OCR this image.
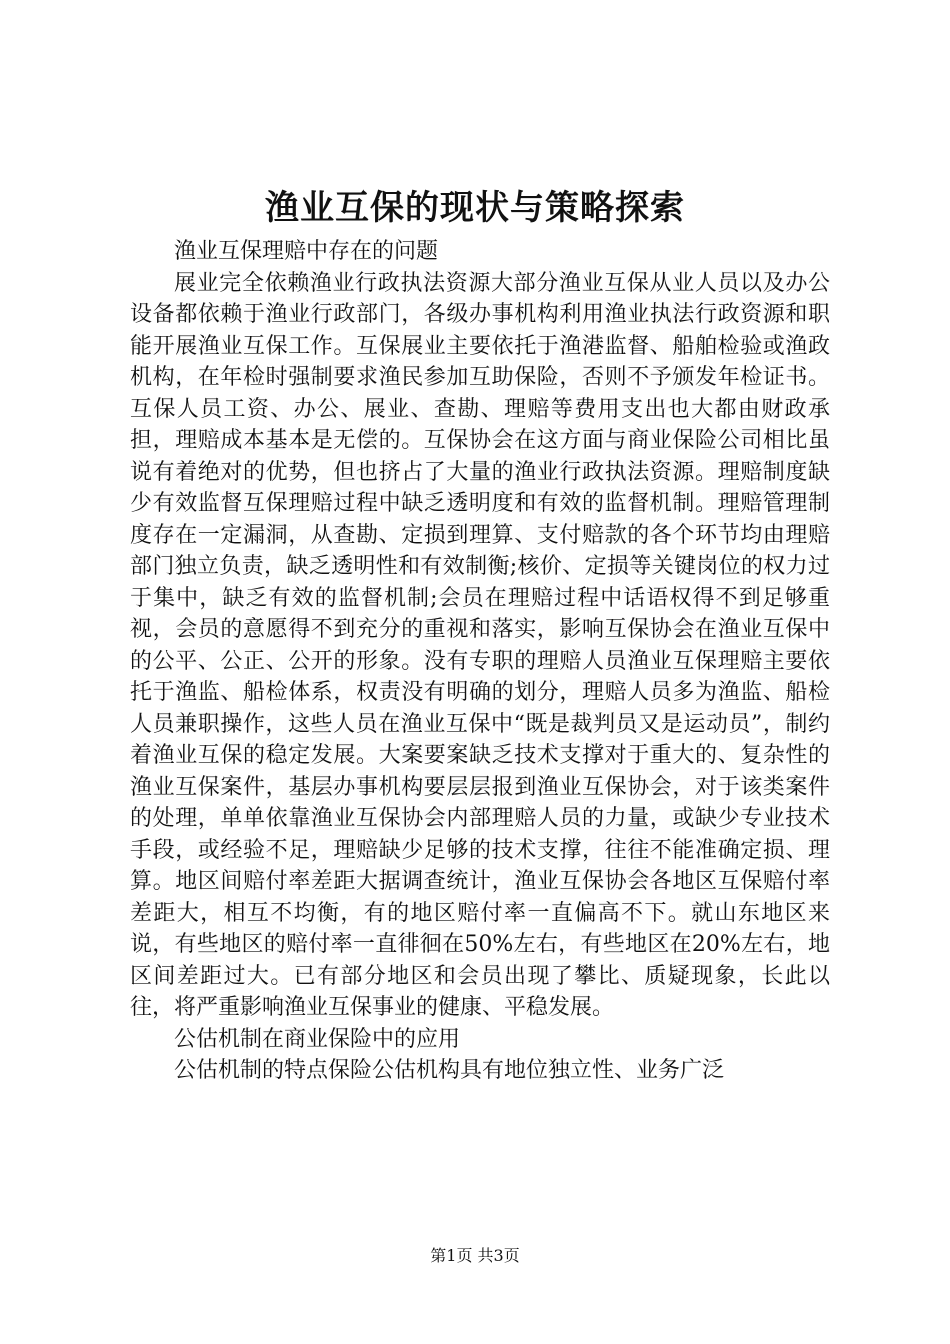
渔业互保的现状与策略探索

渔业互保理赔中存在的问题

展业完全依赖渔业行政执法资源大部分渔业互保从业人员以及办公设备都依赖于渔业行政部门，各级办事机构利用渔业执法行政资源和职能开展渔业互保工作。互保展业主要依托于渔港监督、船舶检验或渔政机构，在年检时强制要求渔民参加互助保险，否则不予颁发年检证书。互保人员工资、办公、展业、查勘、理赔等费用支出也大都由财政承担，理赔成本基本是无偿的。互保协会在这方面与商业保险公司相比虽说有着绝对的优势，但也挤占了大量的渔业行政执法资源。理赔制度缺少有效监督互保理赔过程中缺乏透明度和有效的监督机制。理赔管理制度存在一定漏洞，从查勘、定损到理算、支付赔款的各个环节均由理赔部门独立负责，缺乏透明性和有效制衡;核价、定损等关键岗位的权力过于集中，缺乏有效的监督机制;会员在理赔过程中话语权得不到足够重视，会员的意愿得不到充分的重视和落实，影响互保协会在渔业互保中的公平、公正、公开的形象。没有专职的理赔人员渔业互保理赔主要依托于渔监、船检体系，权责没有明确的划分，理赔人员多为渔监、船检人员兼职操作，这些人员在渔业互保中“既是裁判员又是运动员”，制约着渔业互保的稳定发展。大案要案缺乏技术支撑对于重大的、复杂性的渔业互保案件，基层办事机构要层层报到渔业互保协会，对于该类案件的处理，单单依靠渔业互保协会内部理赔人员的力量，或缺少专业技术手段，或经验不足，理赔缺少足够的技术支撑，往往不能准确定损、理算。地区间赔付率差距大据调查统计，渔业互保协会各地区互保赔付率差距大，相互不均衡，有的地区赔付率一直偏高不下。就山东地区来说，有些地区的赔付率一直徘徊在50%左右，有些地区在20%左右，地区间差距过大。已有部分地区和会员出现了攀比、质疑现象，长此以往，将严重影响渔业互保事业的健康、平稳发展。

公估机制在商业保险中的应用

公估机制的特点保险公估机构具有地位独立性、业务广泛

第1页 共3页
